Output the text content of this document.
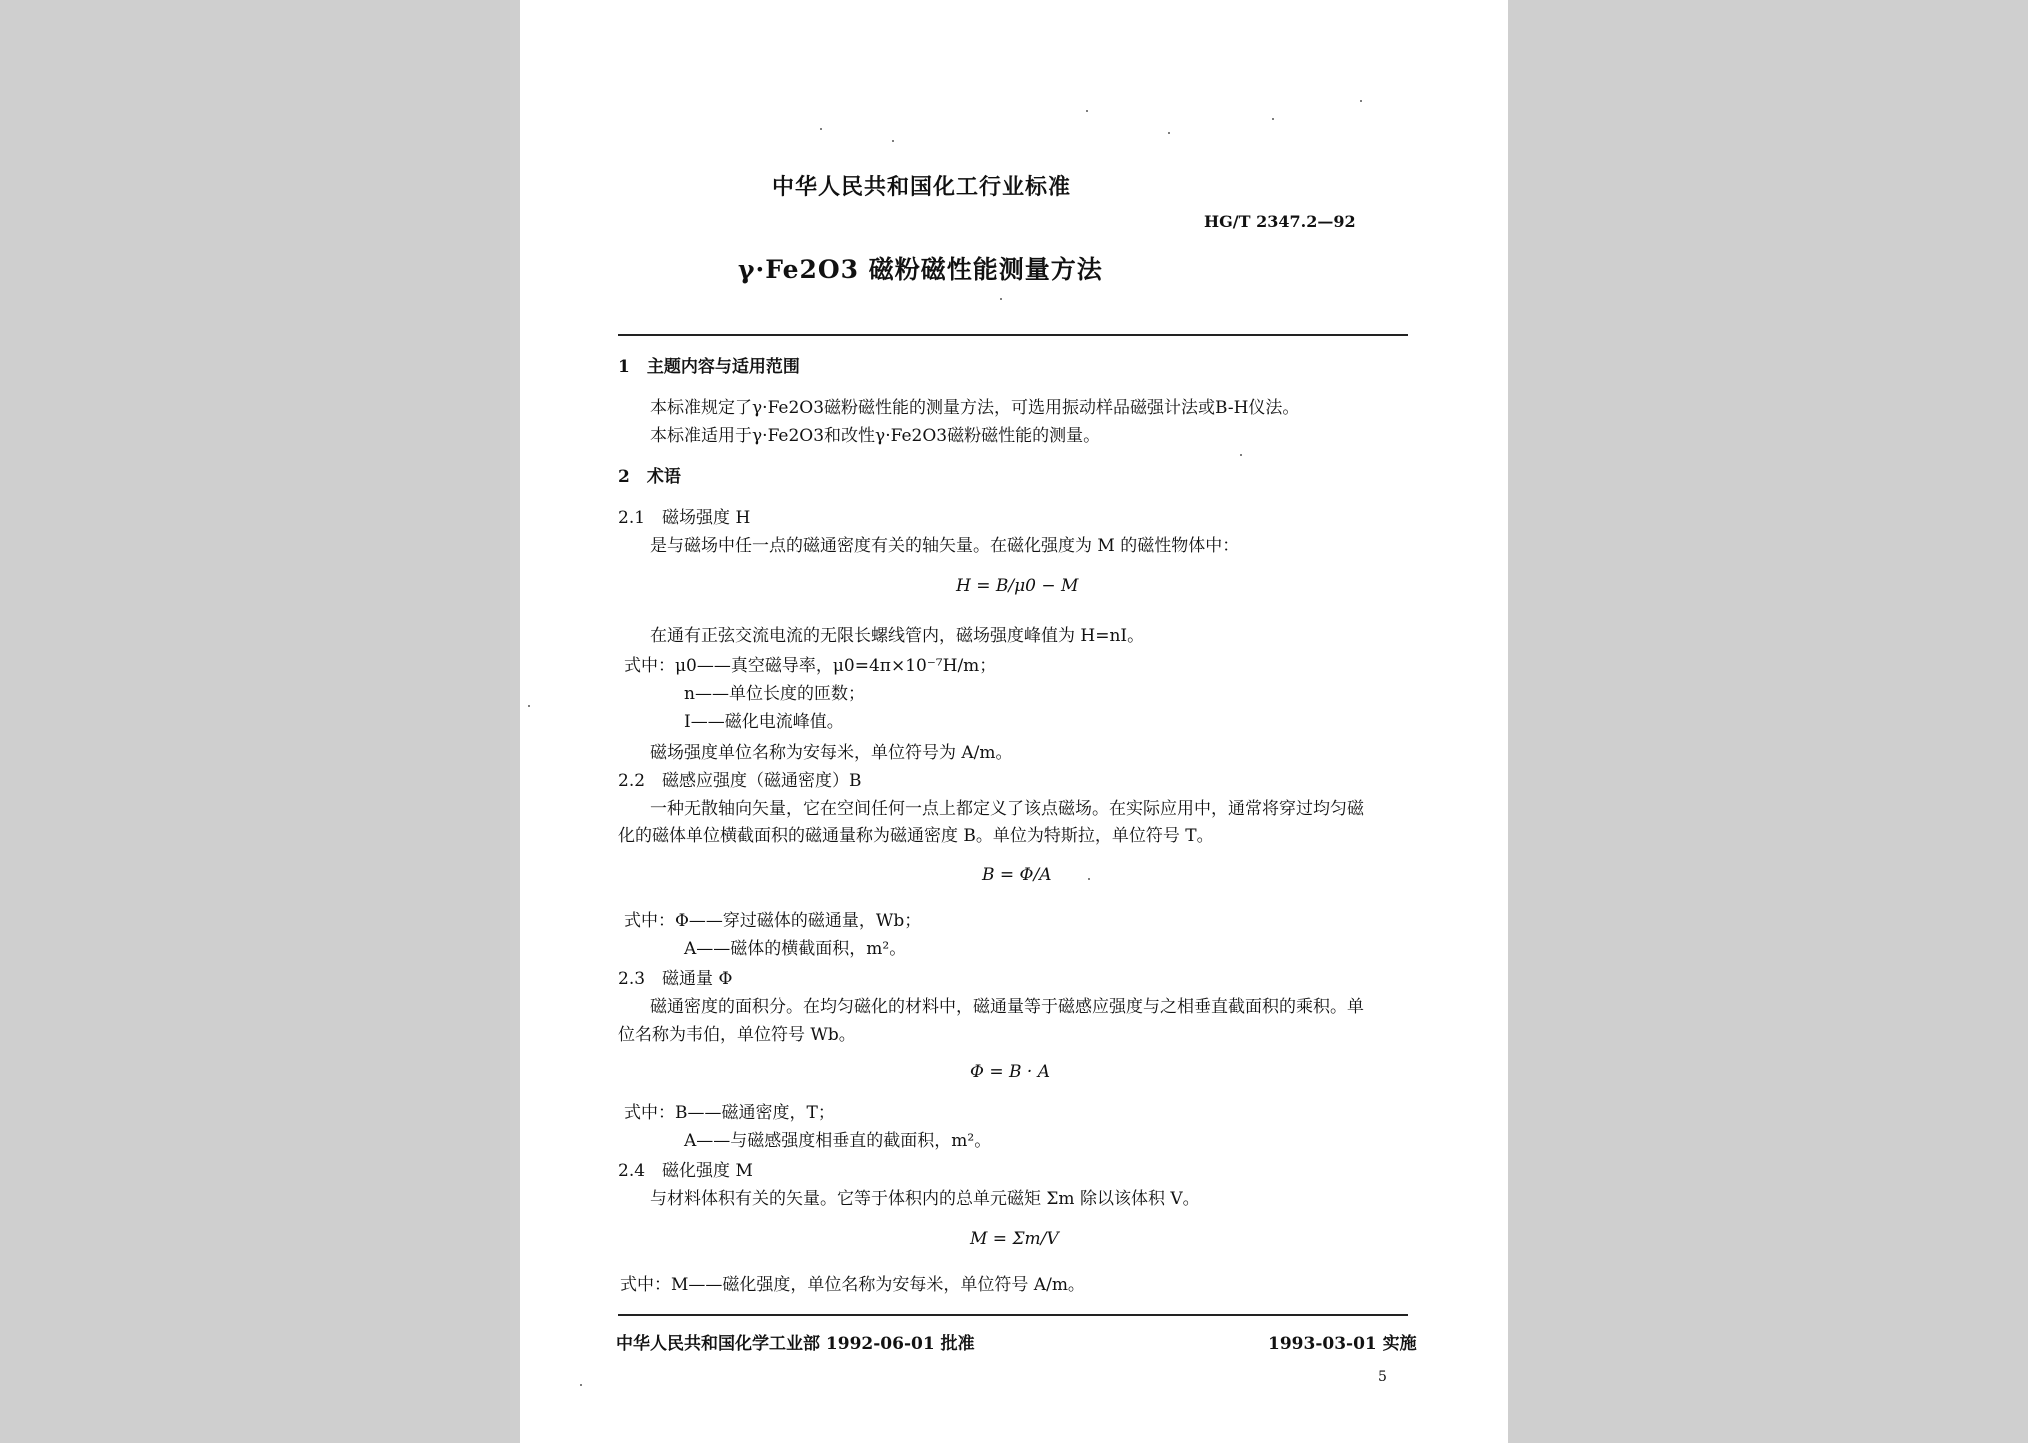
中华人民共和国化工行业标准
HG/T 2347.2—92
γ·Fe2O3 磁粉磁性能测量方法
1　主题内容与适用范围
本标准规定了γ·Fe2O3磁粉磁性能的测量方法，可选用振动样品磁强计法或B-H仪法。
本标准适用于γ·Fe2O3和改性γ·Fe2O3磁粉磁性能的测量。
2　术语
2.1　磁场强度 H
是与磁场中任一点的磁通密度有关的轴矢量。在磁化强度为 M 的磁性物体中：
H = B/μ0 − M
在通有正弦交流电流的无限长螺线管内，磁场强度峰值为 H=nI。
式中：μ0——真空磁导率，μ0=4π×10⁻⁷H/m；
n——单位长度的匝数；
I——磁化电流峰值。
磁场强度单位名称为安每米，单位符号为 A/m。
2.2　磁感应强度（磁通密度）B
一种无散轴向矢量，它在空间任何一点上都定义了该点磁场。在实际应用中，通常将穿过均匀磁
化的磁体单位横截面积的磁通量称为磁通密度 B。单位为特斯拉，单位符号 T。
B = Φ/A
式中：Φ——穿过磁体的磁通量，Wb；
A——磁体的横截面积，m²。
2.3　磁通量 Φ
磁通密度的面积分。在均匀磁化的材料中，磁通量等于磁感应强度与之相垂直截面积的乘积。单
位名称为韦伯，单位符号 Wb。
Φ = B · A
式中：B——磁通密度，T；
A——与磁感强度相垂直的截面积，m²。
2.4　磁化强度 M
与材料体积有关的矢量。它等于体积内的总单元磁矩 Σm 除以该体积 V。
M = Σm/V
式中：M——磁化强度，单位名称为安每米，单位符号 A/m。
中华人民共和国化学工业部 1992-06-01 批准	1993-03-01 实施
5
